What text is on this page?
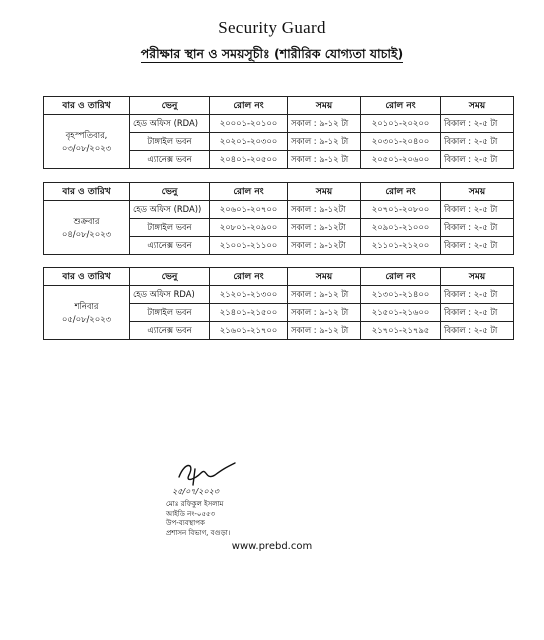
Security Guard
পরীক্ষার স্থান ও সময়সূচীঃ (শারীরিক যোগ্যতা যাচাই)
বার ও তারিখ	ভেনু	রোল নং	সময়	রোল নং	সময়

বৃহস্পতিবার,
০৩/০৮/২০২৩	হেড অফিস (RDA)	২০০০১-২০১০০	সকাল : ৯-১২ টা	২০১০১-২০২০০	বিকাল : ২-৫ টা
	টাঙ্গাইল ভবন	২০২০১-২০৩০০	সকাল : ৯-১২ টা	২০৩০১-২০৪০০	বিকাল : ২-৫ টা
	এ্যানেক্স ভবন	২০৪০১-২০৫০০	সকাল : ৯-১২ টা	২০৫০১-২০৬০০	বিকাল : ২-৫ টা
বার ও তারিখ	ভেনু	রোল নং	সময়	রোল নং	সময়

শুক্রবার
০৪/০৮/২০২৩	হেড অফিস (RDA))	২০৬০১-২০৭০০	সকাল : ৯-১২টা	২০৭০১-২০৮০০	বিকাল : ২-৫ টা
	টাঙ্গাইল ভবন	২০৮০১-২০৯০০	সকাল : ৯-১২টা	২০৯০১-২১০০০	বিকাল : ২-৫ টা
	এ্যানেক্স ভবন	২১০০১-২১১০০	সকাল : ৯-১২টা	২১১০১-২১২০০	বিকাল : ২-৫ টা
বার ও তারিখ	ভেনু	রোল নং	সময়	রোল নং	সময়

শনিবার
০৫/০৮/২০২৩	হেড অফিস RDA)	২১২০১-২১৩০০	সকাল : ৯-১২ টা	২১৩০১-২১৪০০	বিকাল : ২-৫ টা
	টাঙ্গাইল ভবন	২১৪০১-২১৫০০	সকাল : ৯-১২ টা	২১৫০১-২১৬০০	বিকাল : ২-৫ টা
	এ্যানেক্স ভবন	২১৬০১-২১৭০০	সকাল : ৯-১২ টা	২১৭০১-২১৭৯৫	বিকাল : ২-৫ টা
২৫/০৭/২০২৩
মোঃ রফিকুল ইসলাম
আইডি নং-০৫৫৩
উপ-ব্যবস্থাপক
প্রশাসন বিভাগ, বগুড়া।
www.prebd.com
